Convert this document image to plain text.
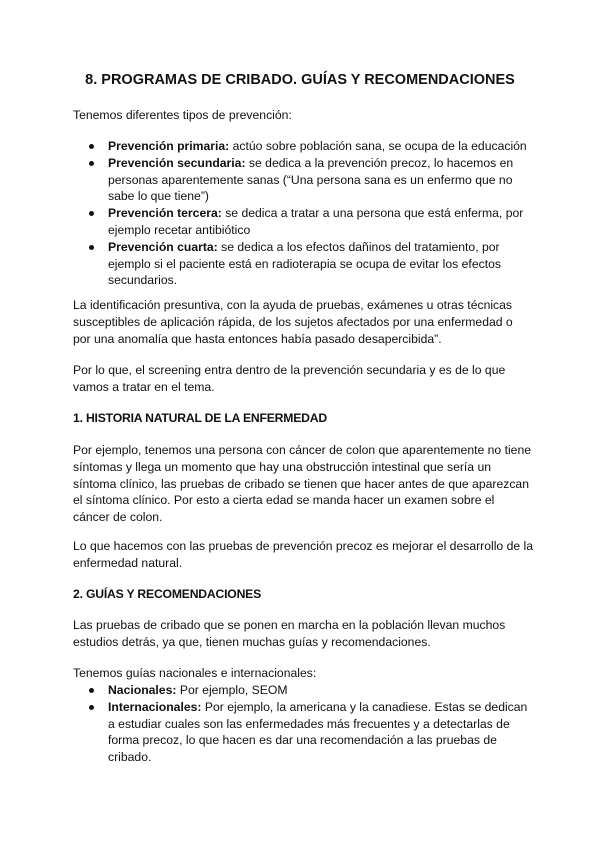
8. PROGRAMAS DE CRIBADO. GUÍAS Y RECOMENDACIONES
Tenemos diferentes tipos de prevención:
Prevención primaria: actúo sobre población sana, se ocupa de la educación
Prevención secundaria: se dedica a la prevención precoz, lo hacemos en personas aparentemente sanas (“Una persona sana es un enfermo que no sabe lo que tiene”)
Prevención tercera: se dedica a tratar a una persona que está enferma, por ejemplo recetar antibiótico
Prevención cuarta: se dedica a los efectos dañinos del tratamiento, por ejemplo si el paciente está en radioterapia se ocupa de evitar los efectos secundarios.
La identificación presuntiva, con la ayuda de pruebas, exámenes u otras técnicas susceptibles de aplicación rápida, de los sujetos afectados por una enfermedad o por una anomalía que hasta entonces había pasado desapercibida”.
Por lo que, el screening entra dentro de la prevención secundaria y es de lo que vamos a tratar en el tema.
1. HISTORIA NATURAL DE LA ENFERMEDAD
Por ejemplo, tenemos una persona con cáncer de colon que aparentemente no tiene síntomas y llega un momento que hay una obstrucción intestinal que sería un síntoma clínico, las pruebas de cribado se tienen que hacer antes de que aparezcan el síntoma clínico. Por esto a cierta edad se manda hacer un examen sobre el cáncer de colon.
Lo que hacemos con las pruebas de prevención precoz es mejorar el desarrollo de la enfermedad natural.
2. GUÍAS Y RECOMENDACIONES
Las pruebas de cribado que se ponen en marcha en la población llevan muchos estudios detrás, ya que, tienen muchas guías y recomendaciones.
Tenemos guías nacionales e internacionales:
Nacionales: Por ejemplo, SEOM
Internacionales: Por ejemplo, la americana y la canadiese. Estas se dedican a estudiar cuales son las enfermedades más frecuentes y a detectarlas de forma precoz, lo que hacen es dar una recomendación a las pruebas de cribado.
